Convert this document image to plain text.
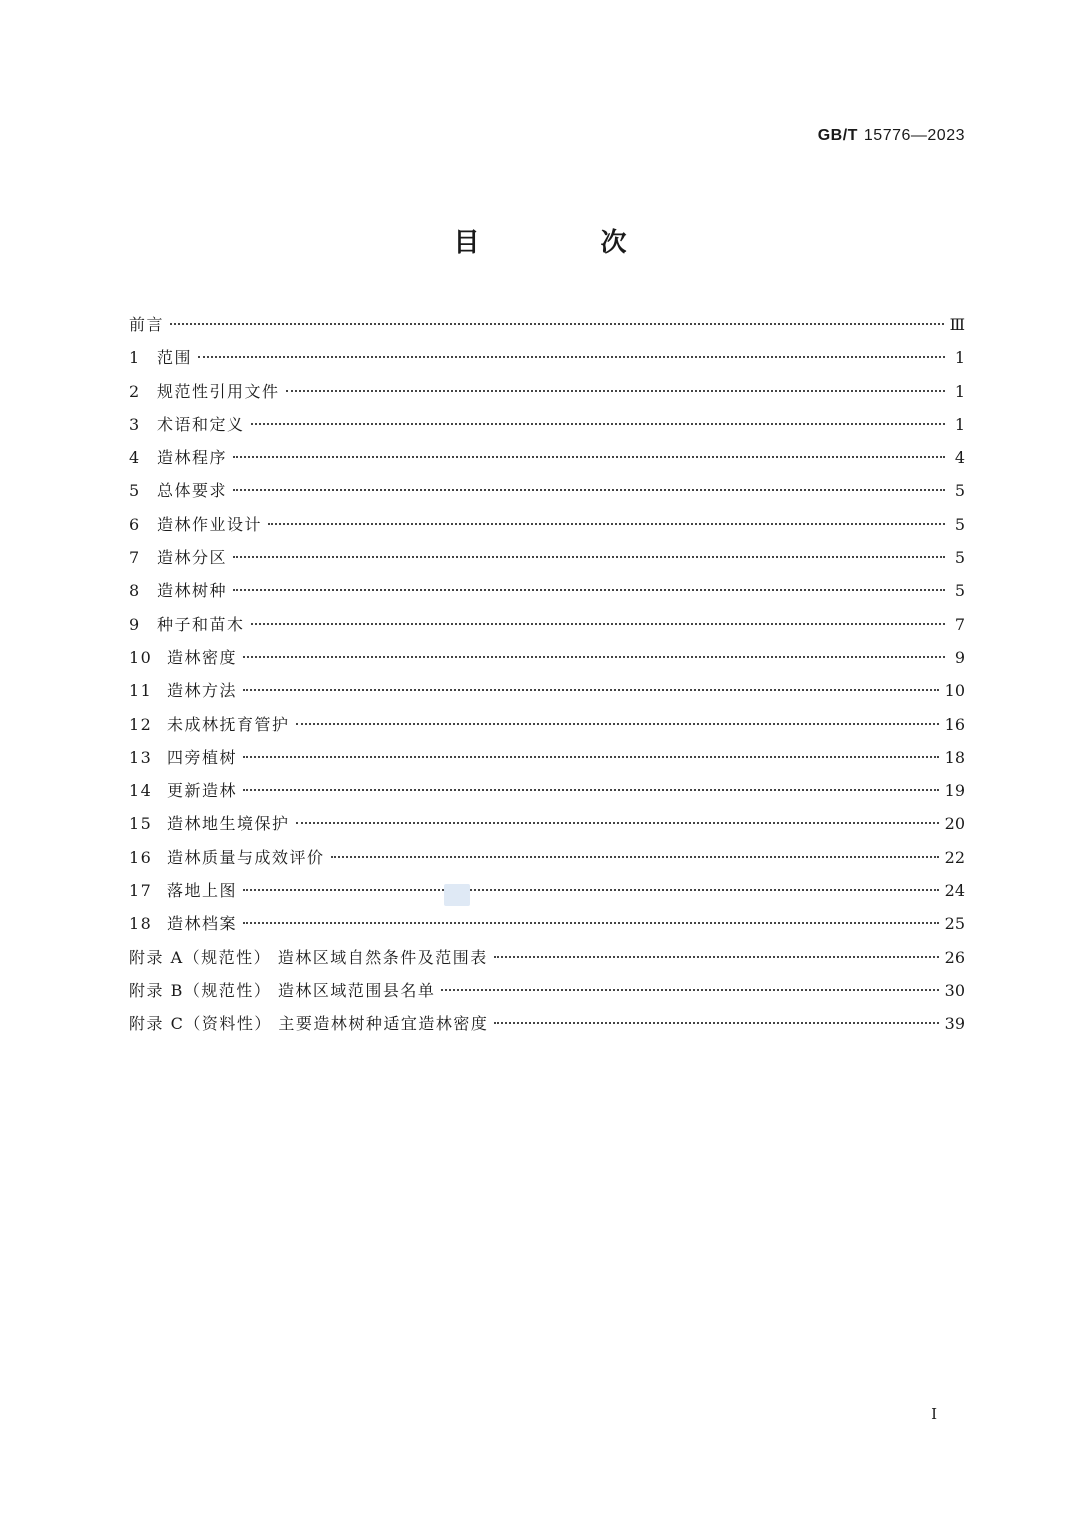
GB/T 15776—2023
目 次
前言	Ⅲ
1 范围	1
2 规范性引用文件	1
3 术语和定义	1
4 造林程序	4
5 总体要求	5
6 造林作业设计	5
7 造林分区	5
8 造林树种	5
9 种子和苗木	7
10 造林密度	9
11 造林方法	10
12 未成林抚育管护	16
13 四旁植树	18
14 更新造林	19
15 造林地生境保护	20
16 造林质量与成效评价	22
17 落地上图	24
18 造林档案	25
附录 A（规范性） 造林区域自然条件及范围表	26
附录 B（规范性） 造林区域范围县名单	30
附录 C（资料性） 主要造林树种适宜造林密度	39
I
